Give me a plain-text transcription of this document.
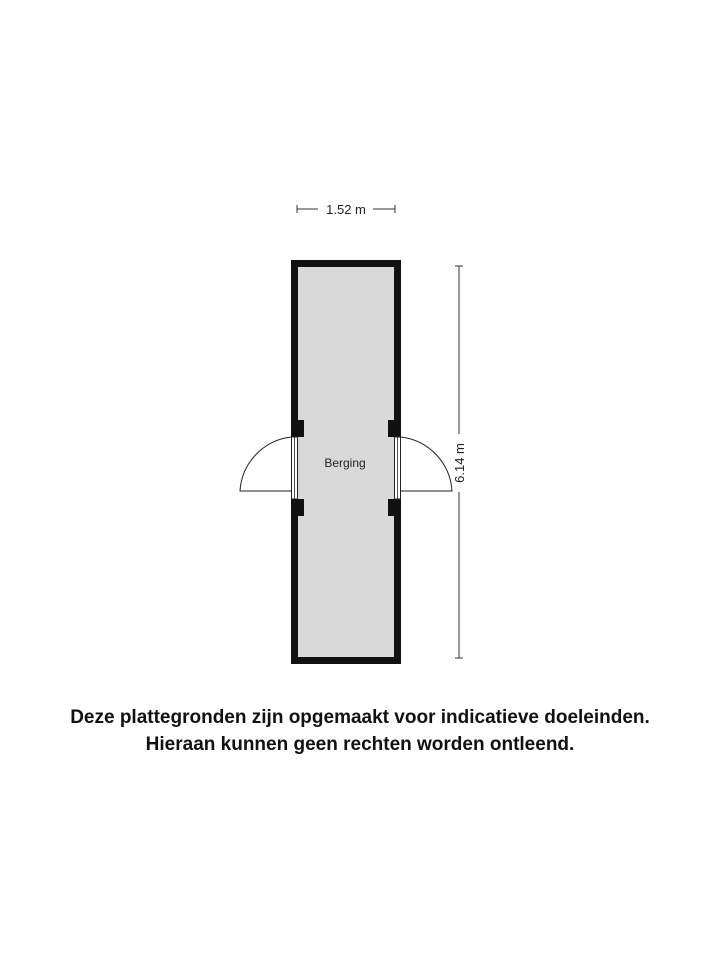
1.52 m
Berging	6.14 m
Deze plattegronden zijn opgemaakt voor indicatieve doeleinden.
Hieraan kunnen geen rechten worden ontleend.
